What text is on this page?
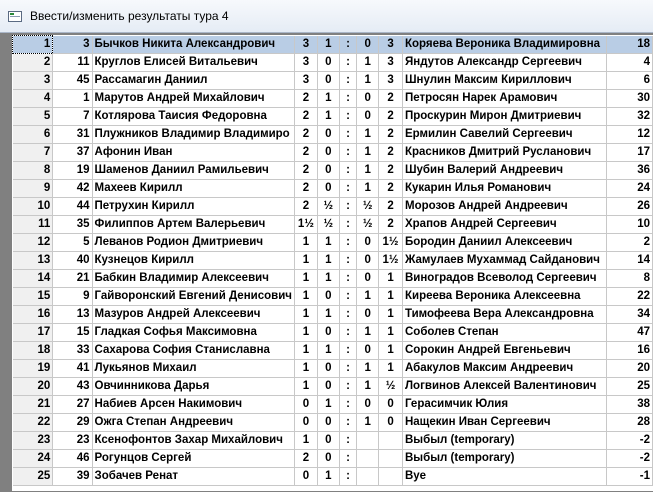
Ввести/изменить результаты тура 4
1	3	Бычков Никита Александрович	3	1	:	0	3	Коряева Вероника Владимировна	18
2	11	Круглов Елисей Витальевич	3	0	:	1	3	Яндутов Александр Сергеевич	4
3	45	Рассамагин Даниил	3	0	:	1	3	Шнулин Максим Кириллович	6
4	1	Марутов Андрей Михайлович	2	1	:	0	2	Петросян Нарек Арамович	30
5	7	Котлярова Таисия Федоровна	2	1	:	0	2	Проскурин Мирон Дмитриевич	32
6	31	Плужников Владимир Владимиро	2	0	:	1	2	Ермилин Савелий Сергеевич	12
7	37	Афонин Иван	2	0	:	1	2	Красников Дмитрий Русланович	17
8	19	Шаменов Даниил Рамильевич	2	0	:	1	2	Шубин Валерий Андреевич	36
9	42	Махеев Кирилл	2	0	:	1	2	Кукарин Илья Романович	24
10	44	Петрухин Кирилл	2	½	:	½	2	Морозов Андрей Андреевич	26
11	35	Филиппов Артем Валерьевич	1½	½	:	½	2	Храпов Андрей Сергеевич	10
12	5	Леванов Родион Дмитриевич	1	1	:	0	1½	Бородин Даниил Алексеевич	2
13	40	Кузнецов Кирилл	1	1	:	0	1½	Жамулаев Мухаммад Сайданович	14
14	21	Бабкин Владимир Алексеевич	1	1	:	0	1	Виноградов Всеволод Сергеевич	8
15	9	Гайворонский Евгений Денисович	1	0	:	1	1	Киреева Вероника Алексеевна	22
16	13	Мазуров Андрей Алексеевич	1	1	:	0	1	Тимофеева Вера Александровна	34
17	15	Гладкая Софья Максимовна	1	0	:	1	1	Соболев Степан	47
18	33	Сахарова София Станиславна	1	1	:	0	1	Сорокин Андрей Евгеньевич	16
19	41	Лукьянов Михаил	1	0	:	1	1	Абакулов Максим Андреевич	20
20	43	Овчинникова Дарья	1	0	:	1	½	Логвинов Алексей Валентинович	25
21	27	Набиев Арсен Накимович	0	1	:	0	0	Герасимчик Юлия	38
22	29	Ожга Степан Андреевич	0	0	:	1	0	Нащекин Иван Сергеевич	28
23	23	Ксенофонтов Захар Михайлович	1	0	:			Выбыл (temporary)	-2
24	46	Рогунцов Сергей	2	0	:			Выбыл (temporary)	-2
25	39	Зобачев Ренат	0	1	:			Bye	-1
